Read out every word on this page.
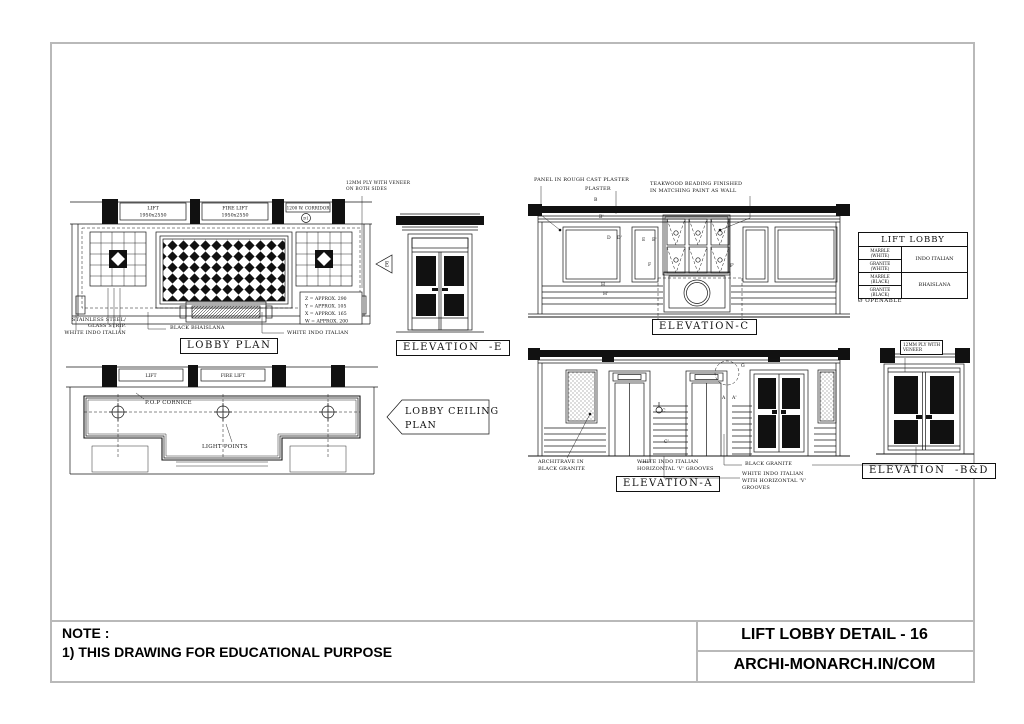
LIFT
1950x2550
FIRE LIFT
1950x2550
1200 W. CORRIDOR
D1
Z = APPROX. 290
Y = APPROX. 105
X = APPROX. 165
W = APPROX. 200
E
12MM PLY WITH VENEER
ON BOTH SIDES
STAINLESS STEEL/
GLASS STRIP.
WHITE INDO ITALIAN
BLACK BHAISLANA
WHITE INDO ITALIAN
LOBBY PLAN	ELEVATION  -E
PANEL IN ROUGH CAST PLASTER
PLASTER
TEAKWOOD BEADING FINISHED
IN MATCHING PAINT AS WALL
ELEVATION-C
B
B'
D D'	E E'
F	F'
H
H'
LIFT LOBBY	

MARBLE
(WHITE)	INDO ITALIAN

GRANITE
(WHITE)	

MARBLE
(BLACK)	BHAISLANA

GRANITE
(BLACK)	
Ø OPENABLE
LIFT	FIRE LIFT
P.O.P CORNICE
LIGHT POINTS
LOBBY CEILING
PLAN
ARCHITRAVE IN
BLACK GRANITE
WHITE INDO ITALIAN
HORIZONTAL 'V' GROOVES
ELEVATION-A
BLACK GRANITE
WHITE INDO ITALIAN
WITH HORIZONTAL 'V'
GROOVES
G
A A'
C
C'
12MM PLY WITH
VENEER
ELEVATION  -B&D
NOTE :
1) THIS DRAWING FOR EDUCATIONAL PURPOSE
LIFT LOBBY DETAIL - 16
ARCHI-MONARCH.IN/COM
